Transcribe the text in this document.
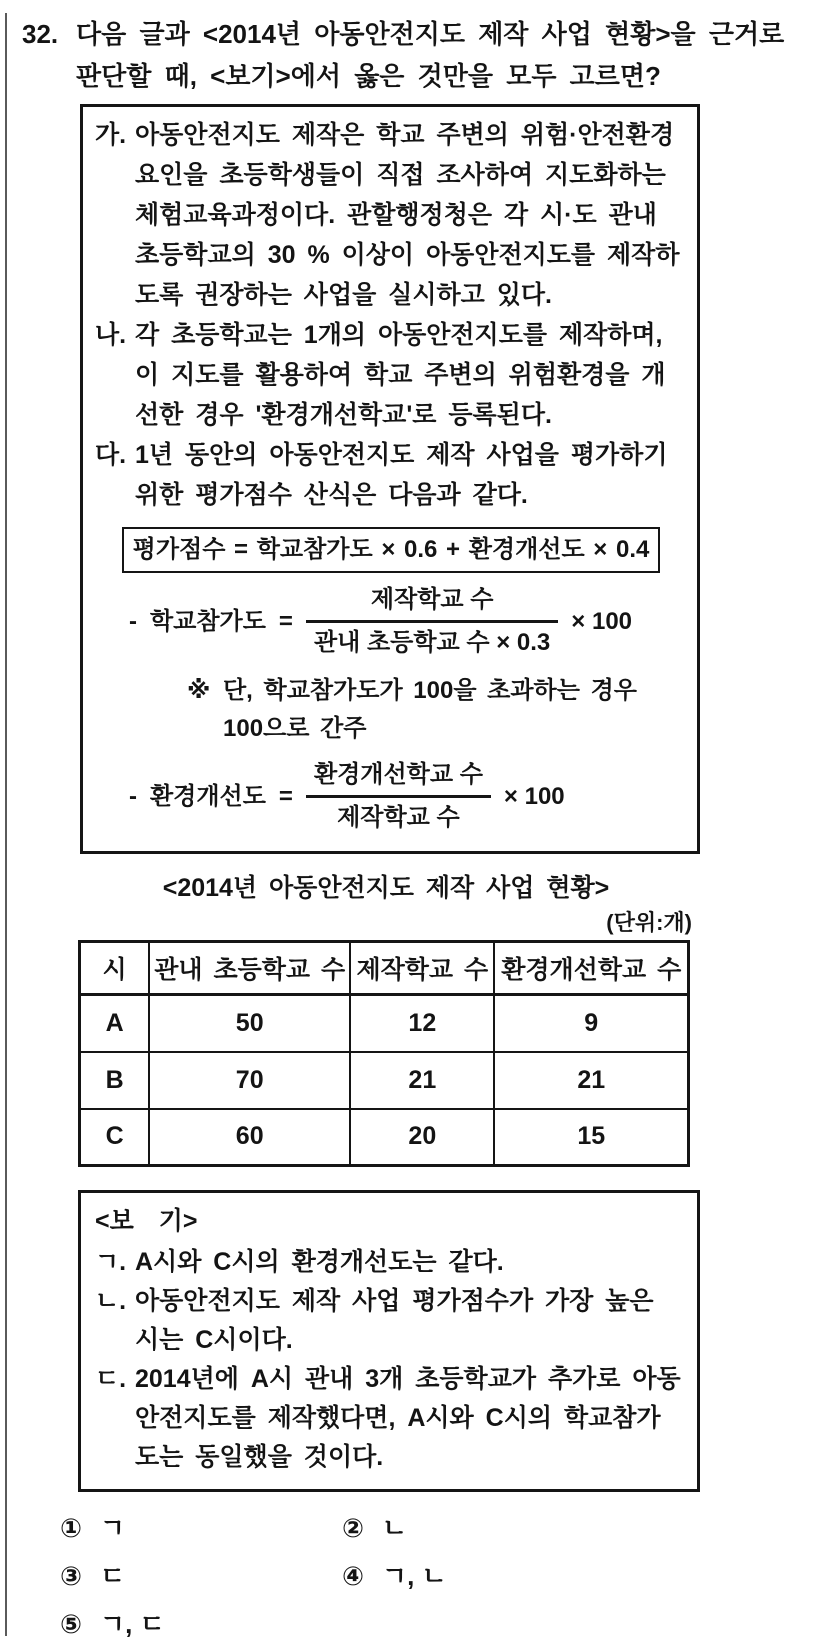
32. 다음 글과 <2014년 아동안전지도 제작 사업 현황>을 근거로 판단할 때, <보기>에서 옳은 것만을 모두 고르면?
가. 아동안전지도 제작은 학교 주변의 위험·안전환경 요인을 초등학생들이 직접 조사하여 지도화하는 체험교육과정이다. 관할행정청은 각 시·도 관내 초등학교의 30 % 이상이 아동안전지도를 제작하도록 권장하는 사업을 실시하고 있다.
나. 각 초등학교는 1개의 아동안전지도를 제작하며, 이 지도를 활용하여 학교 주변의 위험환경을 개선한 경우 '환경개선학교'로 등록된다.
다. 1년 동안의 아동안전지도 제작 사업을 평가하기 위한 평가점수 산식은 다음과 같다.
평가점수 = 학교참가도 × 0.6 + 환경개선도 × 0.4
- 학교참가도 = $\frac{\text{제작학교 수}}{\text{관내 초등학교 수 × 0.3}} \times 100$
※ 단, 학교참가도가 100을 초과하는 경우 100으로 간주
- 환경개선도 = $\frac{\text{환경개선학교 수}}{\text{제작학교 수}} \times 100$
<2014년 아동안전지도 제작 사업 현황>
(단위:개)
시	관내 초등학교 수	제작학교 수	환경개선학교 수
A	50	12	9
B	70	21	21
C	60	20	15
<보　기>
ㄱ. A시와 C시의 환경개선도는 같다.
ㄴ. 아동안전지도 제작 사업 평가점수가 가장 높은 시는 C시이다.
ㄷ. 2014년에 A시 관내 3개 초등학교가 추가로 아동안전지도를 제작했다면, A시와 C시의 학교참가도는 동일했을 것이다.
① ㄱ	② ㄴ
③ ㄷ	④ ㄱ, ㄴ
⑤ ㄱ, ㄷ
